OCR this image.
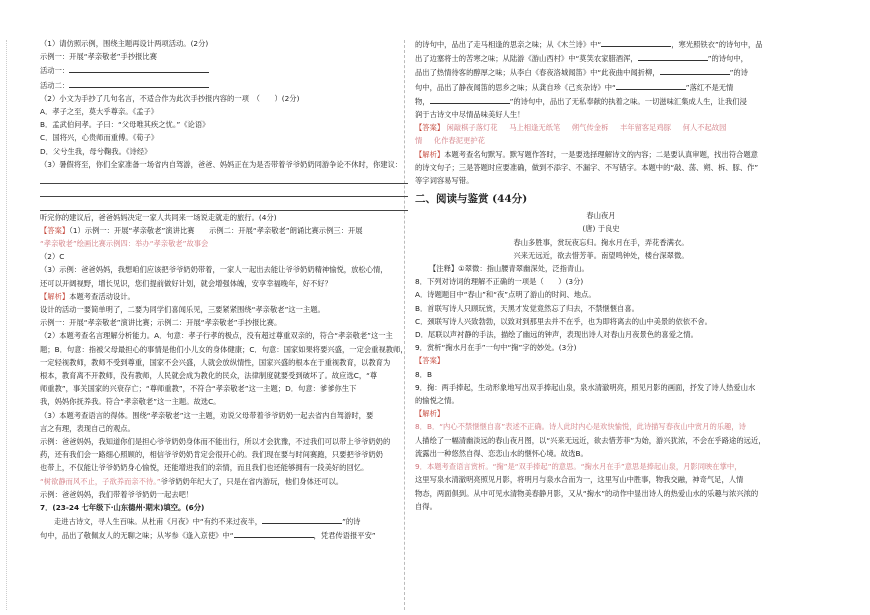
（1）请仿照示例，围绕主题再设计两项活动。(2分)
示例一：开展“孝亲敬老”手抄报比赛
活动一：
活动二：
（2）小文为手抄了几句名言，不适合作为此次手抄报内容的一项　（　　）(2分)
A．孝子之至，莫大乎尊亲。《孟子》
B．孟武伯问孝。子曰：“父母唯其疾之忧。”《论语》
C．国将兴，心贵师而重傅。《荀子》
D．父兮生我，母兮鞠我。《诗经》
（3）暑假将至，你们全家准备一场省内自驾游，爸爸、妈妈正在为是否带着爷爷奶奶同游争论不休时，你建议：
听完你的建议后，爸爸妈妈决定一家人共同来一场说走就走的旅行。(4分)
【答案】（1）示例一：开展“孝亲敬老”演讲比赛　　示例二：开展“孝亲敬老”朗诵比赛示例三：开展
“孝亲敬老”绘画比赛示例四：举办“孝亲敬老”故事会
（2）C
（3）示例：爸爸妈妈，我想咱们应该把爷爷奶奶带着，一家人一起出去能让爷爷奶奶精神愉悦，放松心情，
还可以开阔视野，增长见识，您们提前做好计划，就会增强体魄，安享幸福晚年，好不好？
【解析】本题考查活动设计。
设计的活动一要简单明了，二要为同学们喜闻乐见，三要紧紧围绕“孝亲敬老”这一主题。
示例一：开展“孝亲敬老”演讲比赛；示例二：开展“孝亲敬老”手抄报比赛。
（2）本题考查名言理解分析能力。A．句意：孝子行孝的极点，没有超过尊重双亲的，符合“孝亲敬老”这一主
题；B．句意：指被父母最担心的事情是他们小儿女的身体健康；C．句意：国家如果将要兴盛，一定会重视教师，
一定轻视教师，教师不受到尊重，国家不会兴盛，人就会放纵情性，国家兴盛的根本在于重视教育，以教育为
根本，教育离不开教师，没有教师，人民就会成为教化的民众，法律制度就要受到破坏了。故应选C，“尊
师重教”，事关国家的兴衰存亡；“尊师重教”，不符合“孝亲敬老”这一主题；D．句意：爹爹你生下
我，妈妈你抚养我。符合“孝亲敬老”这一主题。故选C。
（3）本题考查语言的得体。围绕“孝亲敬老”这一主题，劝说父母带着爷爷奶奶一起去省内自驾游时，要
言之有理，表现自己的观点。
示例：爸爸妈妈，我知道你们是担心爷爷奶奶身体而不能出行，所以才会犹豫，不过我们可以带上爷爷奶奶的
药，还有我们会一路细心照顾的，相信爷爷奶奶肯定会很开心的。我们现在要与时间赛跑，只要把爷爷奶奶
也带上，不仅能让爷爷奶奶身心愉悦，还能增进我们的亲情，而且我们也还能够拥有一段美好的回忆。
“树欲静而风不止，子欲养而亲不待。”爷爷奶奶年纪大了，只是在省内游玩，他们身体还可以。
示例：爸爸妈妈，我们带着爷爷奶奶一起去吧！
7．(23-24 七年级下·山东德州·期末)填空。(6分)
走进古诗文，寻人生百味。从杜甫《月夜》中“有约不来过夜半，	”的诗
句中，品出了敬佩友人的无聊之味；从岑参《逢入京使》中“	，凭君传语报平安”
的诗句中，品出了走马相逢的思亲之味；从《木兰诗》中“	，寒光照铁衣”的诗句中，品
出了边塞将士的苦寒之味；从陆游《游山西村》中“莫笑农家腊酒浑，	”的诗句中，
品出了热情待客的醇厚之味；从李白《春夜洛城闻笛》中“此夜曲中闻折柳，	”的诗
句中，品出了静夜闻笛的思乡之味；从龚自珍《己亥杂诗》中“	”落红不是无情
物，	”的诗句中，品出了无私奉献的执着之味。一切滋味汇集成人生，让我们浸
润于古诗文中尽情品味美好人生！
【答案】 闲敲棋子落灯花 马上相逢无纸笔 朔气传金柝 丰年留客足鸡豚 何人不起故园
情 化作春泥更护花
【解析】本题考查名句默写。默写题作答时，一是要选择理解诗文的内容；二是要认真审题，找出符合题意
的诗文句子；三是答题时应要准确，做到不添字、不漏字、不写错字。本题中的“敲、荡、朔、柝、豚、作”
等字词容易写错。
二、阅读与鉴赏 (44分)
春山夜月
(唐) 于良史
春山多胜事，赏玩夜忘归。掬水月在手，弄花香满衣。
兴来无远近，欲去惜芳菲。南望鸣钟处，楼台深翠微。
【注释】①翠微：指山腰青翠幽深处，泛指青山。
8．下列对诗词的理解不正确的一项是（　　）(3分)
A．诗题题目中“春山”和“夜”点明了游山的时间、地点。
B．首联写诗人只顾玩赏，天黑才发觉竟然忘了归去，不禁惬惬自喜。
C．颈联写诗人兴致勃勃，以致对到那里去并不在乎，也为即将离去的山中美景的依依不舍。
D．尾联以声衬静的手法，描绘了幽远的钟声，表现出诗人对春山月夜景色的喜爱之情。
9．赏析“掬水月在手”一句中“掬”字的妙处。(3分)
【答案】
8．B
9．掬：两手捧起，生动形象地写出双手捧起山泉，泉水清澈明亮，照见月影的画面，抒发了诗人热爱山水
的愉悦之情。
【解析】
8．B．“内心不禁惬惬自喜”表述不正确。诗人此时内心是欢快愉悦，此诗描写春夜山中赏月的乐趣，诗
人描绘了一幅清幽淡远的春山夜月图，以“兴来无远近，欲去惜芳菲”为始，游兴犹浓，不会在乎路途的远近，
流露出一种悠然自得、恋恋山水的惬怀心境。故选B。
9．本题考查语言赏析。“掬”是“双手捧起”的意思。“掬水月在手”意思是捧起山泉，月影同映在掌中，
这里写泉水清澈明亮照见月影，将明月与泉水合而为一，这里写山中胜事，物我交融，神奇气足，人情
物态，两面俱到。从中可见水清物美春静月影，又从“掬水”的动作中显出诗人的热爱山水的乐趣与浓兴浓的
自得。
